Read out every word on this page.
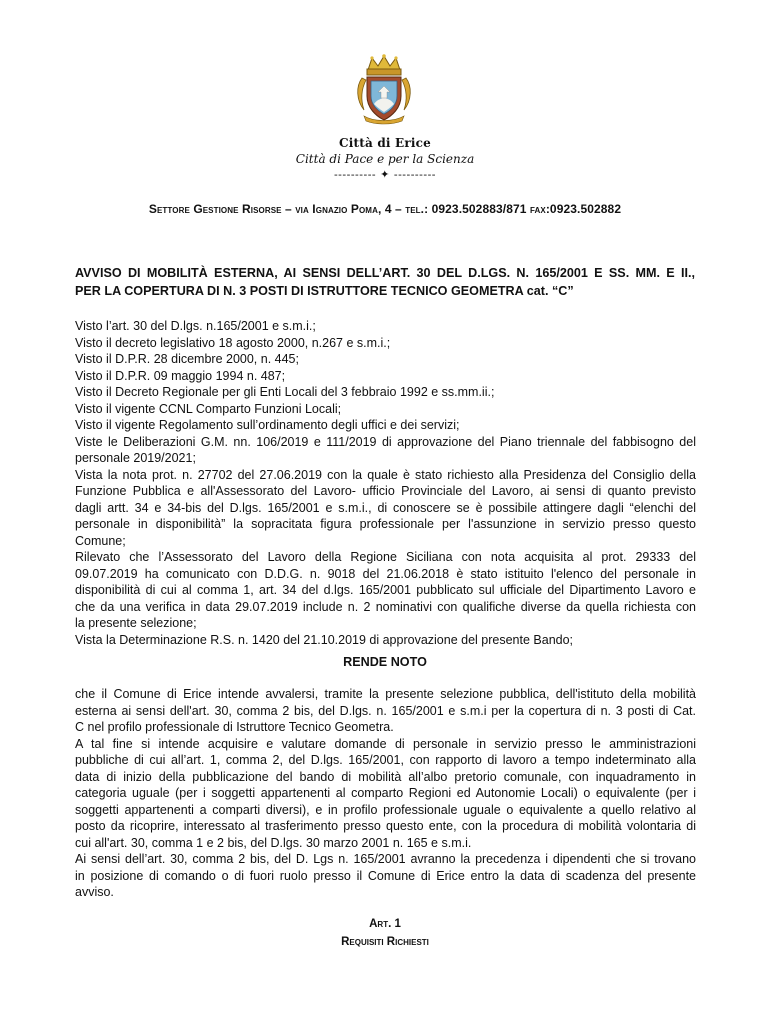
Città di Erice
Città di Pace e per la Scienza
---------- ✦ ----------
Settore Gestione Risorse – via Ignazio Poma, 4 – tel.: 0923.502883/871 fax:0923.502882
AVVISO DI MOBILITÀ ESTERNA, AI SENSI DELL’ART. 30 DEL D.LGS. N. 165/2001 E SS. MM. E II.,
PER LA COPERTURA DI N. 3 POSTI DI ISTRUTTORE TECNICO GEOMETRA cat. “C”
Visto l’art. 30 del D.lgs. n.165/2001 e s.m.i.;
Visto il decreto legislativo 18 agosto 2000, n.267 e s.m.i.;
Visto il D.P.R. 28 dicembre 2000, n. 445;
Visto il D.P.R. 09 maggio 1994 n. 487;
Visto il Decreto Regionale per gli Enti Locali del 3 febbraio 1992 e ss.mm.ii.;
Visto il vigente CCNL Comparto Funzioni Locali;
Visto il vigente Regolamento sull’ordinamento degli uffici e dei servizi;
Viste le Deliberazioni G.M. nn. 106/2019 e 111/2019 di approvazione del Piano triennale del fabbisogno del
personale 2019/2021;
Vista la nota prot. n. 27702 del 27.06.2019 con la quale è stato richiesto alla Presidenza del Consiglio della
Funzione Pubblica e all'Assessorato del Lavoro- ufficio Provinciale del Lavoro, ai sensi di quanto previsto
dagli artt. 34 e 34-bis del D.lgs. 165/2001 e s.m.i., di conoscere se è possibile attingere dagli “elenchi del
personale in disponibilità” la sopracitata figura professionale per l'assunzione in servizio presso questo
Comune;
Rilevato che l’Assessorato del Lavoro della Regione Siciliana con nota acquisita al prot. 29333 del
09.07.2019 ha comunicato con D.D.G. n. 9018 del 21.06.2018 è stato istituito l'elenco del personale in
disponibilità di cui al comma 1, art. 34 del d.lgs. 165/2001 pubblicato sul ufficiale del Dipartimento Lavoro e
che da una verifica in data 29.07.2019 include n. 2 nominativi con qualifiche diverse da quella richiesta con
la presente selezione;
Vista la Determinazione R.S. n. 1420 del 21.10.2019 di approvazione del presente Bando;
RENDE NOTO
che il Comune di Erice intende avvalersi, tramite la presente selezione pubblica, dell'istituto della mobilità
esterna ai sensi dell'art. 30, comma 2 bis, del D.lgs. n. 165/2001 e s.m.i per la copertura di n. 3 posti di Cat.
C nel profilo professionale di Istruttore Tecnico Geometra.
A tal fine si intende acquisire e valutare domande di personale in servizio presso le amministrazioni
pubbliche di cui all’art. 1, comma 2, del D.lgs. 165/2001, con rapporto di lavoro a tempo indeterminato alla
data di inizio della pubblicazione del bando di mobilità all’albo pretorio comunale, con inquadramento in
categoria uguale (per i soggetti appartenenti al comparto Regioni ed Autonomie Locali) o equivalente (per i
soggetti appartenenti a comparti diversi), e in profilo professionale uguale o equivalente a quello relativo al
posto da ricoprire, interessato al trasferimento presso questo ente, con la procedura di mobilità volontaria di
cui all'art. 30, comma 1 e 2 bis, del D.lgs. 30 marzo 2001 n. 165 e s.m.i.
Ai sensi dell’art. 30, comma 2 bis, del D. Lgs n. 165/2001 avranno la precedenza i dipendenti che si trovano
in posizione di comando o di fuori ruolo presso il Comune di Erice entro la data di scadenza del presente
avviso.
Art. 1
Requisiti Richiesti
